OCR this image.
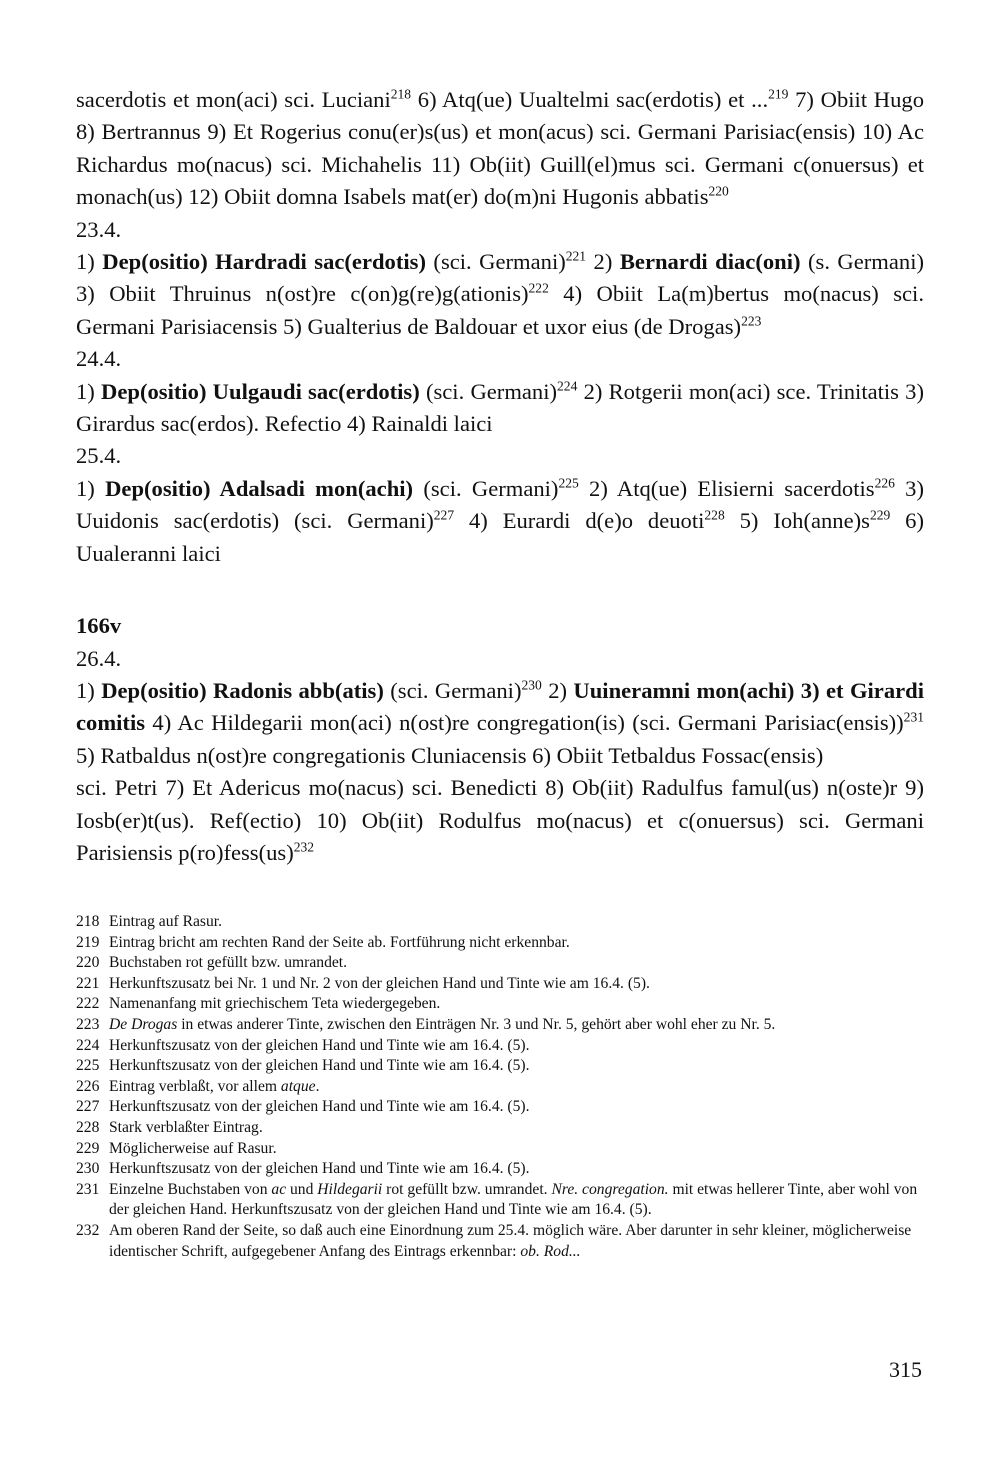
sacerdotis et mon(aci) sci. Luciani$^{218}$ 6) Atq(ue) Uualtelmi sac(erdotis) et ...$^{219}$ 7) Obiit Hugo 8) Bertrannus 9) Et Rogerius conu(er)s(us) et mon(acus) sci. Germani Parisiac(ensis) 10) Ac Richardus mo(nacus) sci. Michahelis 11) Ob(iit) Guill(el)mus sci. Germani c(onuersus) et monach(us) 12) Obiit domna Isabels mat(er) do(m)ni Hugonis abbatis$^{220}$

23.4.

1) Dep(ositio) Hardradi sac(erdotis) (sci. Germani)$^{221}$ 2) Bernardi diac(oni) (s. Germani) 3) Obiit Thruinus n(ost)re c(on)g(re)g(ationis)$^{222}$ 4) Obiit La(m)bertus mo(nacus) sci. Germani Parisiacensis 5) Gualterius de Baldouar et uxor eius (de Drogas)$^{223}$

24.4.

1) Dep(ositio) Uulgaudi sac(erdotis) (sci. Germani)$^{224}$ 2) Rotgerii mon(aci) sce. Trinitatis 3) Girardus sac(erdos). Refectio 4) Rainaldi laici

25.4.

1) Dep(ositio) Adalsadi mon(achi) (sci. Germani)$^{225}$ 2) Atq(ue) Elisierni sacerdotis$^{226}$ 3) Uuidonis sac(erdotis) (sci. Germani)$^{227}$ 4) Eurardi d(e)o deuoti$^{228}$ 5) $Ioh(anne)s^{229}$ 6) Uualeranni laici

166v

26.4.

1) Dep(ositio) Radonis abb(atis) (sci. Germani)$^{230}$ 2) Uuineramni mon(achi) 3) et Girardi comitis 4) Ac Hildegarii mon(aci) n(ost)re congregation(is) (sci. Germani Parisiac(ensis))$^{231}$ 5) Ratbaldus n(ost)re congregationis Cluniacensis 6) Obiit Tetbaldus Fossac(ensis)

sci. Petri 7) Et Adericus mo(nacus) sci. Benedicti 8) Ob(iit) Radulfus famul(us) n(oste)r 9) Iosb(er)t(us). Ref(ectio) 10) Ob(iit) Rodulfus mo(nacus) et c(onuersus) sci. Germani Parisiensis p(ro)fess(us)$^{232}$

218 Eintrag auf Rasur.
219 Eintrag bricht am rechten Rand der Seite ab. Fortführung nicht erkennbar.
220 Buchstaben rot gefüllt bzw. umrandet.
221 Herkunftszusatz bei Nr. 1 und Nr. 2 von der gleichen Hand und Tinte wie am 16.4. (5).
222 Namenanfang mit griechischem Teta wiedergegeben.
223 De Drogas in etwas anderer Tinte, zwischen den Einträgen Nr. 3 und Nr. 5, gehört aber wohl eher zu Nr. 5.
224 Herkunftszusatz von der gleichen Hand und Tinte wie am 16.4. (5).
225 Herkunftszusatz von der gleichen Hand und Tinte wie am 16.4. (5).
226 Eintrag verblaßt, vor allem atque.
227 Herkunftszusatz von der gleichen Hand und Tinte wie am 16.4. (5).
228 Stark verblaßter Eintrag.
229 Möglicherweise auf Rasur.
230 Herkunftszusatz von der gleichen Hand und Tinte wie am 16.4. (5).
231 Einzelne Buchstaben von ac und Hildegarii rot gefüllt bzw. umrandet. Nre. congregation. mit etwas hellerer Tinte, aber wohl von der gleichen Hand. Herkunftszusatz von der gleichen Hand und Tinte wie am 16.4. (5).
232 Am oberen Rand der Seite, so daß auch eine Einordnung zum 25.4. möglich wäre. Aber darunter in sehr kleiner, möglicherweise identischer Schrift, aufgegebener Anfang des Eintrags erkennbar: ob. Rod...
315
